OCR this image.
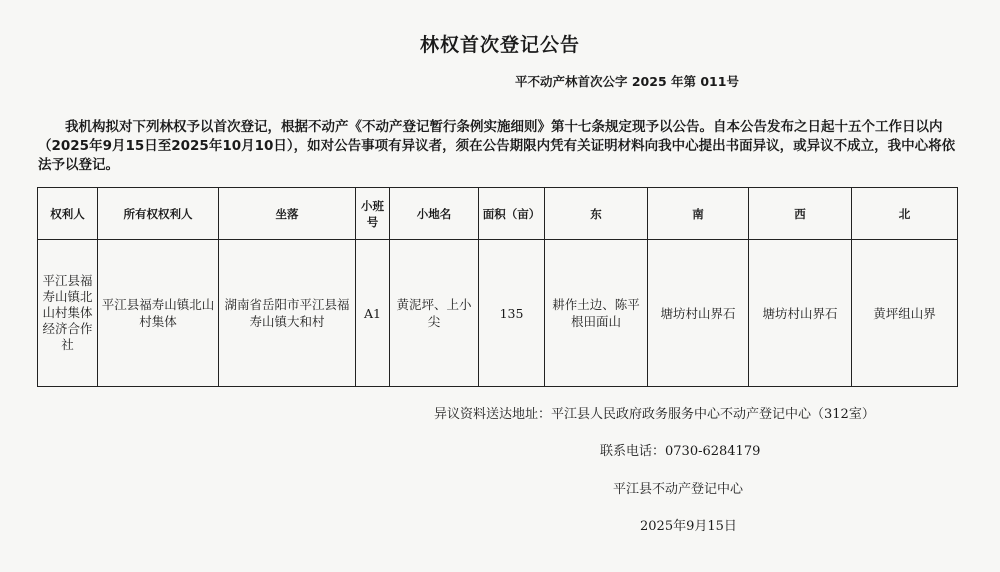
林权首次登记公告
平不动产林首次公字 2025 年第 011号
我机构拟对下列林权予以首次登记，根据不动产《不动产登记暂行条例实施细则》第十七条规定现予以公告。自本公告发布之日起十五个工作日以内（2025年9月15日至2025年10月10日），如对公告事项有异议者，须在公告期限内凭有关证明材料向我中心提出书面异议，或异议不成立，我中心将依法予以登记。
权利人	所有权权利人	坐落	小班号	小地名	面积（亩）	东	南	西	北
平江县福寿山镇北山村集体经济合作社	平江县福寿山镇北山村集体	湖南省岳阳市平江县福寿山镇大和村	A1	黄泥坪、上小尖	135	耕作土边、陈平根田面山	塘坊村山界石	塘坊村山界石	黄坪组山界
异议资料送达地址：平江县人民政府政务服务中心不动产登记中心（312室）
联系电话：0730-6284179
平江县不动产登记中心
2025年9月15日
